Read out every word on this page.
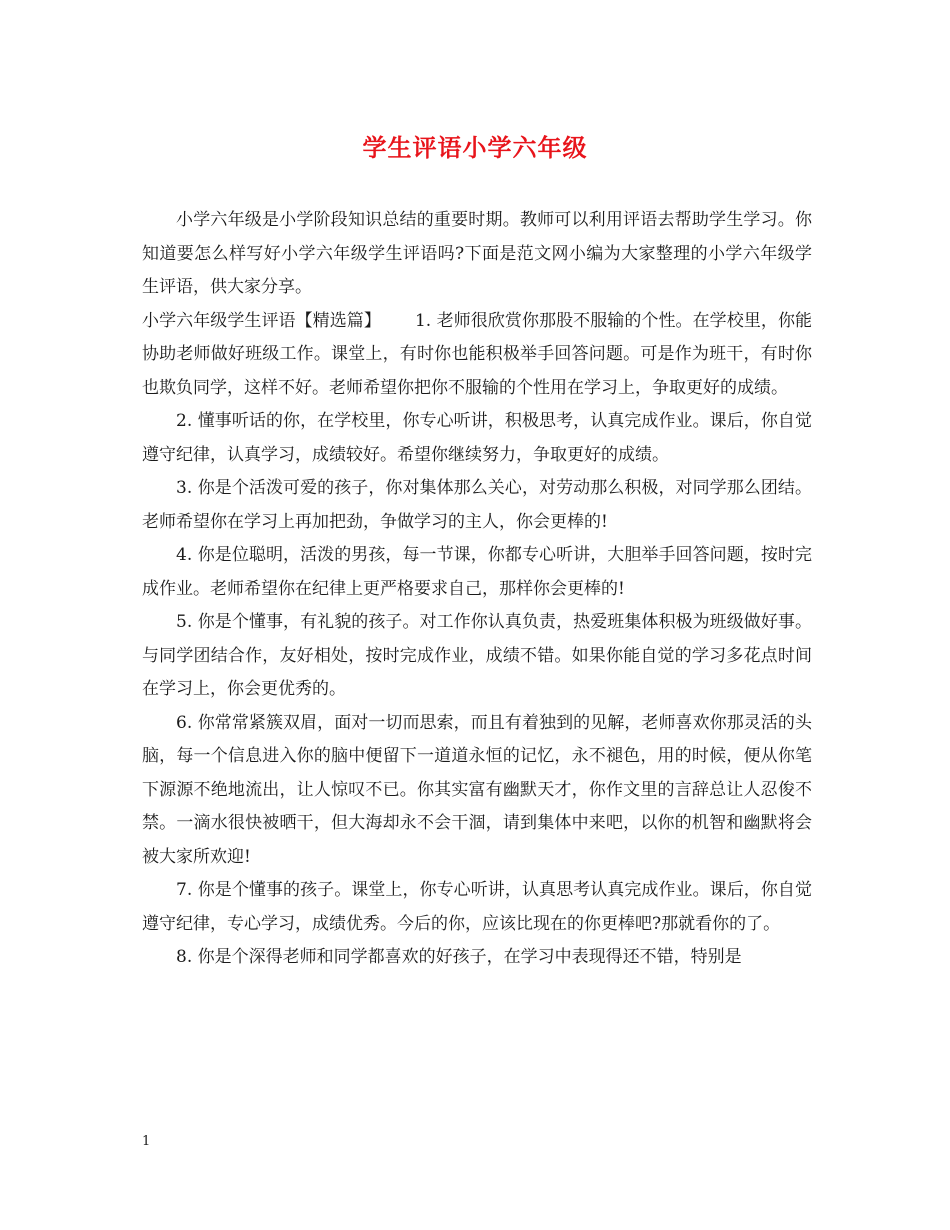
学生评语小学六年级

小学六年级是小学阶段知识总结的重要时期。教师可以利用评语去帮助学生学习。你知道要怎么样写好小学六年级学生评语吗?下面是范文网小编为大家整理的小学六年级学生评语，供大家分享。

小学六年级学生评语【精选篇】 1. 老师很欣赏你那股不服输的个性。在学校里，你能协助老师做好班级工作。课堂上，有时你也能积极举手回答问题。可是作为班干，有时你也欺负同学，这样不好。老师希望你把你不服输的个性用在学习上，争取更好的成绩。

2. 懂事听话的你，在学校里，你专心听讲，积极思考，认真完成作业。课后，你自觉遵守纪律，认真学习，成绩较好。希望你继续努力，争取更好的成绩。

3. 你是个活泼可爱的孩子，你对集体那么关心，对劳动那么积极，对同学那么团结。老师希望你在学习上再加把劲，争做学习的主人，你会更棒的!

4. 你是位聪明，活泼的男孩，每一节课，你都专心听讲，大胆举手回答问题，按时完成作业。老师希望你在纪律上更严格要求自己，那样你会更棒的!

5. 你是个懂事，有礼貌的孩子。对工作你认真负责，热爱班集体积极为班级做好事。与同学团结合作，友好相处，按时完成作业，成绩不错。如果你能自觉的学习多花点时间在学习上，你会更优秀的。

6. 你常常紧簇双眉，面对一切而思索，而且有着独到的见解，老师喜欢你那灵活的头脑，每一个信息进入你的脑中便留下一道道永恒的记忆，永不褪色，用的时候，便从你笔下源源不绝地流出，让人惊叹不已。你其实富有幽默天才，你作文里的言辞总让人忍俊不禁。一滴水很快被晒干，但大海却永不会干涸，请到集体中来吧，以你的机智和幽默将会被大家所欢迎!

7. 你是个懂事的孩子。课堂上，你专心听讲，认真思考认真完成作业。课后，你自觉遵守纪律，专心学习，成绩优秀。今后的你，应该比现在的你更棒吧?那就看你的了。

8. 你是个深得老师和同学都喜欢的好孩子，在学习中表现得还不错，特别是

1
